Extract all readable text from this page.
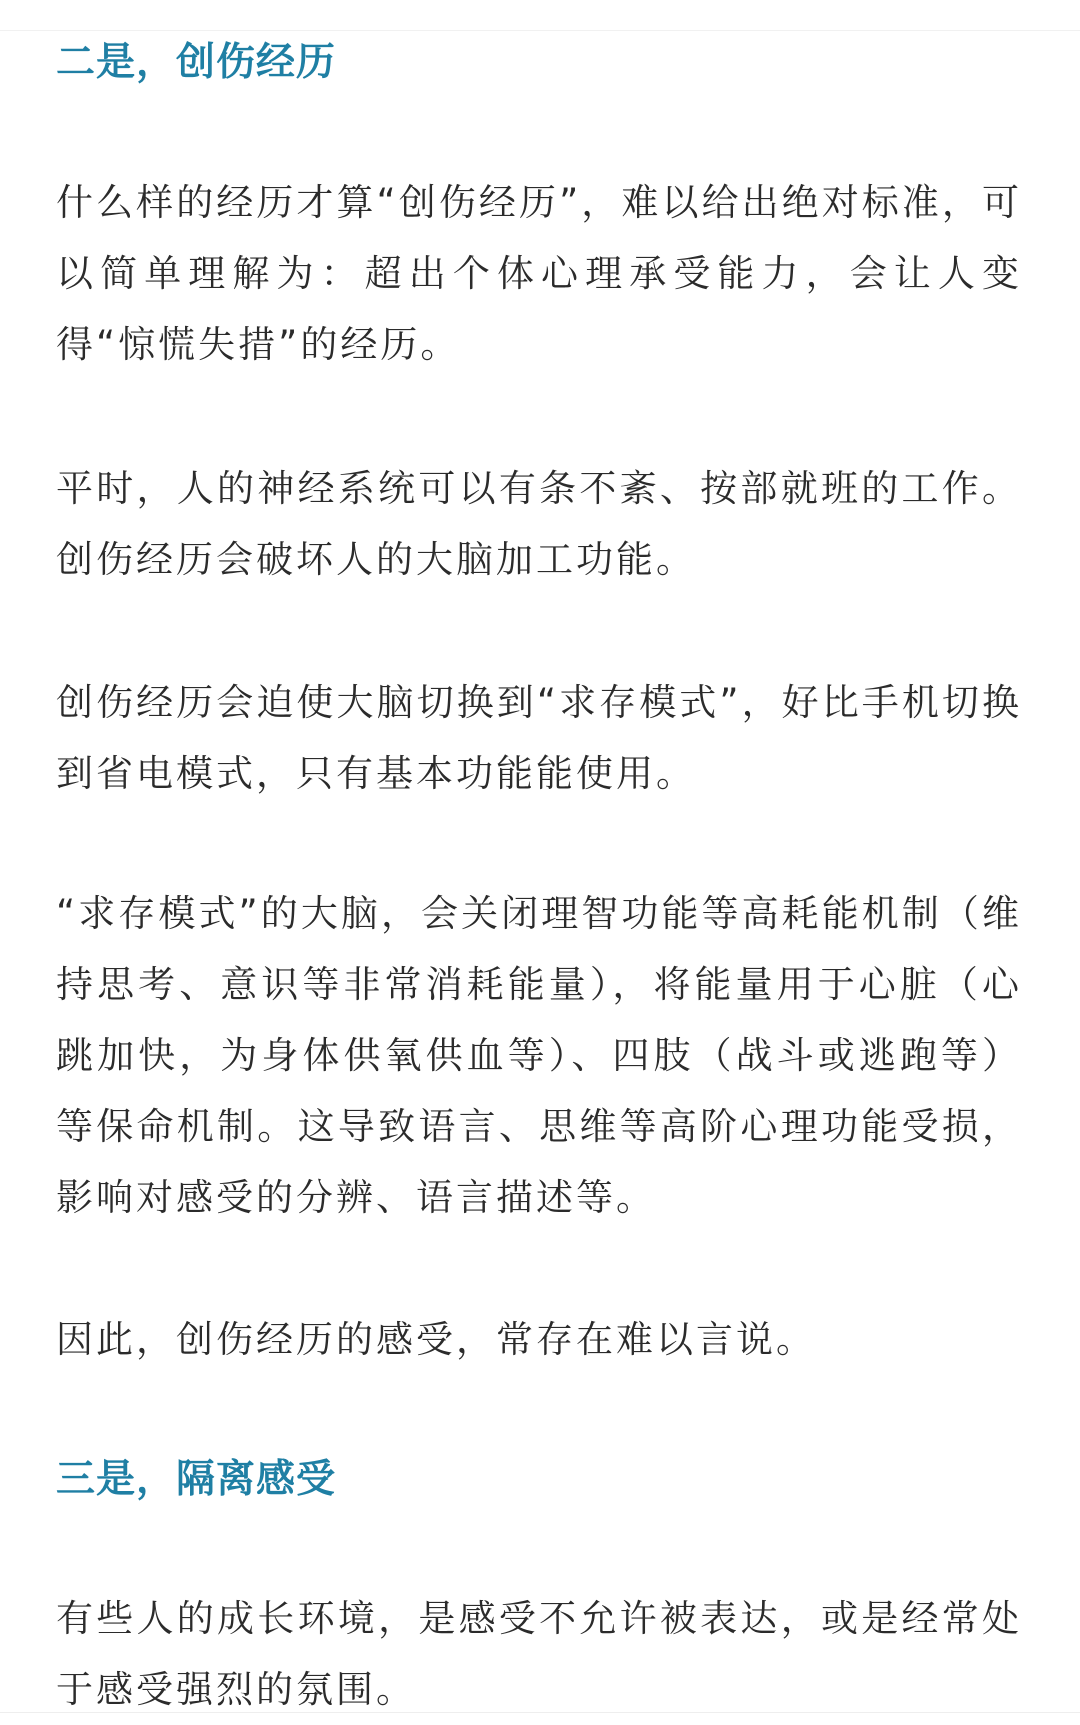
二是，创伤经历

什么样的经历才算“创伤经历”，难以给出绝对标准，可以简单理解为：超出个体心理承受能力，会让人变得“惊慌失措”的经历。

平时，人的神经系统可以有条不紊、按部就班的工作。创伤经历会破坏人的大脑加工功能。

创伤经历会迫使大脑切换到“求存模式”，好比手机切换到省电模式，只有基本功能能使用。

“求存模式”的大脑，会关闭理智功能等高耗能机制（维持思考、意识等非常消耗能量），将能量用于心脏（心跳加快，为身体供氧供血等）、四肢（战斗或逃跑等）等保命机制。这导致语言、思维等高阶心理功能受损，影响对感受的分辨、语言描述等。

因此，创伤经历的感受，常存在难以言说。

三是，隔离感受

有些人的成长环境，是感受不允许被表达，或是经常处于感受强烈的氛围。
